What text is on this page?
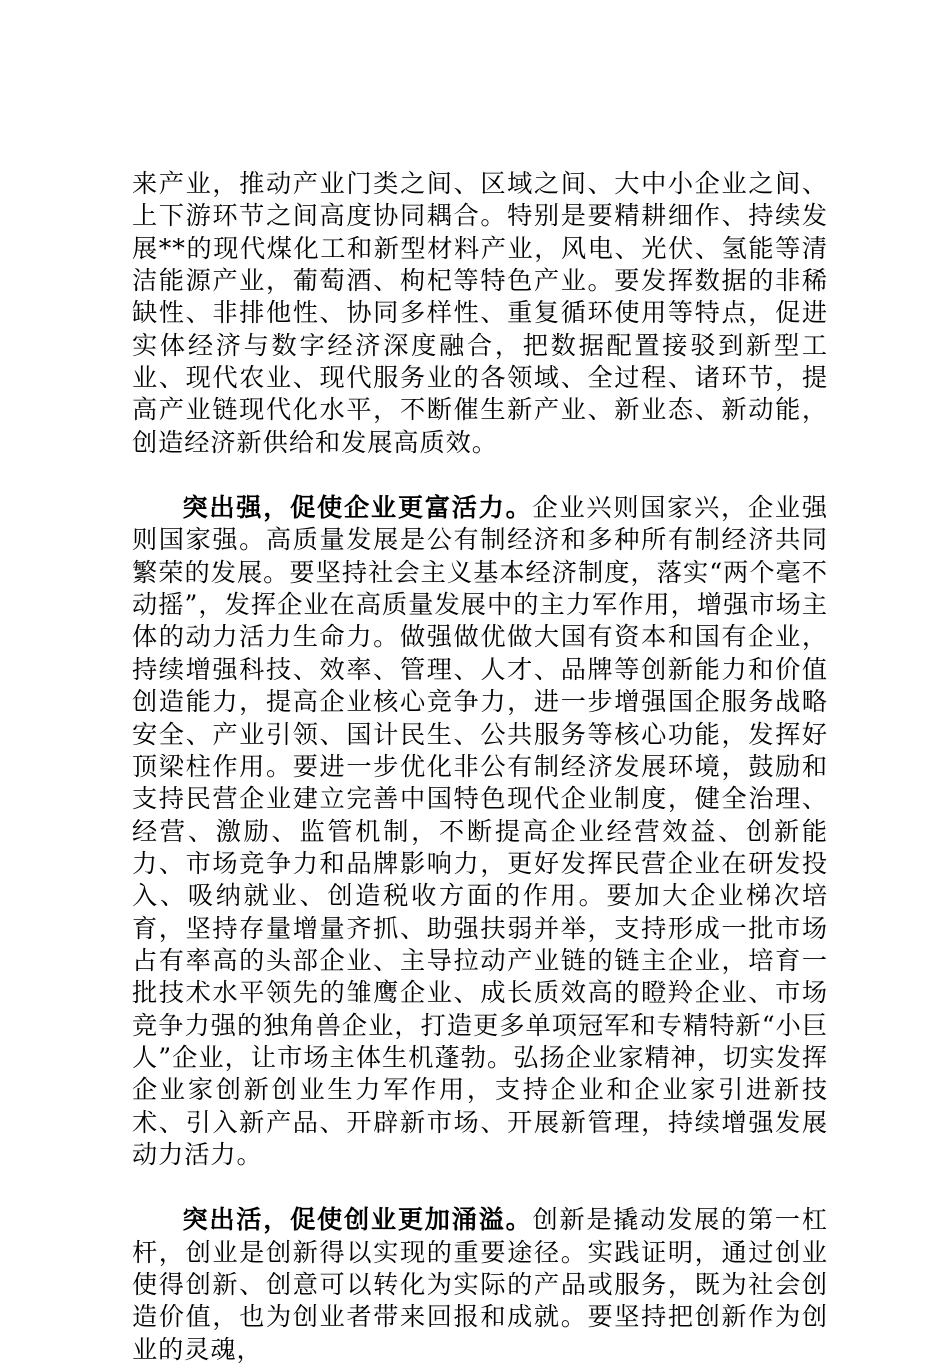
来产业，推动产业门类之间、区域之间、大中小企业之间、上下游环节之间高度协同耦合。特别是要精耕细作、持续发展**的现代煤化工和新型材料产业，风电、光伏、氢能等清洁能源产业，葡萄酒、枸杞等特色产业。要发挥数据的非稀缺性、非排他性、协同多样性、重复循环使用等特点，促进实体经济与数字经济深度融合，把数据配置接驳到新型工业、现代农业、现代服务业的各领域、全过程、诸环节，提高产业链现代化水平，不断催生新产业、新业态、新动能，创造经济新供给和发展高质效。

突出强，促使企业更富活力。企业兴则国家兴，企业强则国家强。高质量发展是公有制经济和多种所有制经济共同繁荣的发展。要坚持社会主义基本经济制度，落实“两个毫不动摇”，发挥企业在高质量发展中的主力军作用，增强市场主体的动力活力生命力。做强做优做大国有资本和国有企业，持续增强科技、效率、管理、人才、品牌等创新能力和价值创造能力，提高企业核心竞争力，进一步增强国企服务战略安全、产业引领、国计民生、公共服务等核心功能，发挥好顶梁柱作用。要进一步优化非公有制经济发展环境，鼓励和支持民营企业建立完善中国特色现代企业制度，健全治理、经营、激励、监管机制，不断提高企业经营效益、创新能力、市场竞争力和品牌影响力，更好发挥民营企业在研发投入、吸纳就业、创造税收方面的作用。要加大企业梯次培育，坚持存量增量齐抓、助强扶弱并举，支持形成一批市场占有率高的头部企业、主导拉动产业链的链主企业，培育一批技术水平领先的雏鹰企业、成长质效高的瞪羚企业、市场竞争力强的独角兽企业，打造更多单项冠军和专精特新“小巨人”企业，让市场主体生机蓬勃。弘扬企业家精神，切实发挥企业家创新创业生力军作用，支持企业和企业家引进新技术、引入新产品、开辟新市场、开展新管理，持续增强发展动力活力。

突出活，促使创业更加涌溢。创新是撬动发展的第一杠杆，创业是创新得以实现的重要途径。实践证明，通过创业使得创新、创意可以转化为实际的产品或服务，既为社会创造价值，也为创业者带来回报和成就。要坚持把创新作为创业的灵魂，
